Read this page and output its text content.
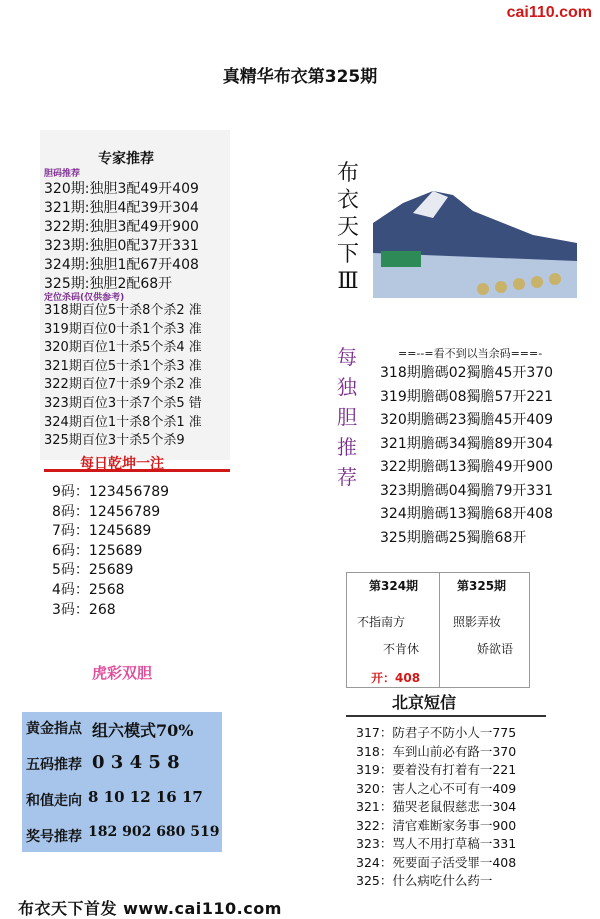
cai110.com
真精华布衣第325期
专家推荐
胆码推荐
320期:独胆3配49开409
321期:独胆4配39开304
322期:独胆3配49开900
323期:独胆0配37开331
324期:独胆1配67开408
325期:独胆2配68开
定位杀码(仅供参考)
318期百位5十杀8个杀2 准
319期百位0十杀1个杀3 准
320期百位1十杀5个杀4 准
321期百位5十杀1个杀3 准
322期百位7十杀9个杀2 准
323期百位3十杀7个杀5 错
324期百位1十杀8个杀1 准
325期百位3十杀5个杀9
每日乾坤一注
9码：123456789
8码：12456789
7码：1245689
6码：125689
5码：25689
4码：2568
3码：268
布
衣
天
下
Ⅲ
每
独
胆
推
荐
==--=看不到以当余码===-
318期膽碼02獨膽45开370
319期膽碼08獨膽57开221
320期膽碼23獨膽45开409
321期膽碼34獨膽89开304
322期膽碼13獨膽49开900
323期膽碼04獨膽79开331
324期膽碼13獨膽68开408
325期膽碼25獨膽68开
第324期	第325期
不指南方
不肯休
照影弄妆
娇欲语
开：408
虎彩双胆
黄金指点 组六模式70%
五码推荐 0 3 4 5 8
和值走向 8 10 12 16 17
奖号推荐 182 902 680 519
北京短信
317：防君子不防小人一775
318：车到山前必有路一370
319：要着没有打着有一221
320：害人之心不可有一409
321：猫哭老鼠假慈悲一304
322：清官难断家务事一900
323：骂人不用打草稿一331
324：死要面子活受罪一408
325：什么病吃什么药一
布衣天下首发 www.cai110.com
